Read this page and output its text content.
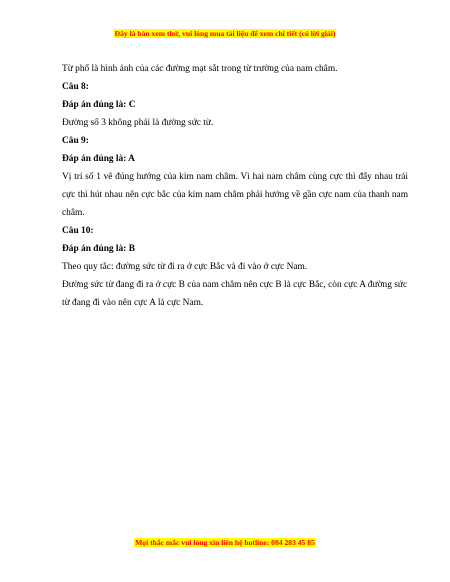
Đây là bản xem thử, vui lòng mua tài liệu để xem chi tiết (có lời giải)

Từ phổ là hình ảnh của các đường mạt sắt trong từ trường của nam châm.

Câu 8:

Đáp án đúng là: C

Đường số 3 không phải là đường sức từ.

Câu 9:

Đáp án đúng là: A

Vị trí số 1 vẽ đúng hướng của kim nam châm. Vì hai nam châm cùng cực thì đẩy nhau trái cực thì hút nhau nên cực bắc của kim nam châm phải hướng về gần cực nam của thanh nam châm.

Câu 10:

Đáp án đúng là: B

Theo quy tắc: đường sức từ đi ra ở cực Bắc và đi vào ở cực Nam.

Đường sức từ đang đi ra ở cực B của nam châm nên cực B là cực Bắc, còn cực A đường sức từ đang đi vào nên cực A là cực Nam.

Mọi thắc mắc vui lòng xin liên hệ hotline: 084 283 45 85
